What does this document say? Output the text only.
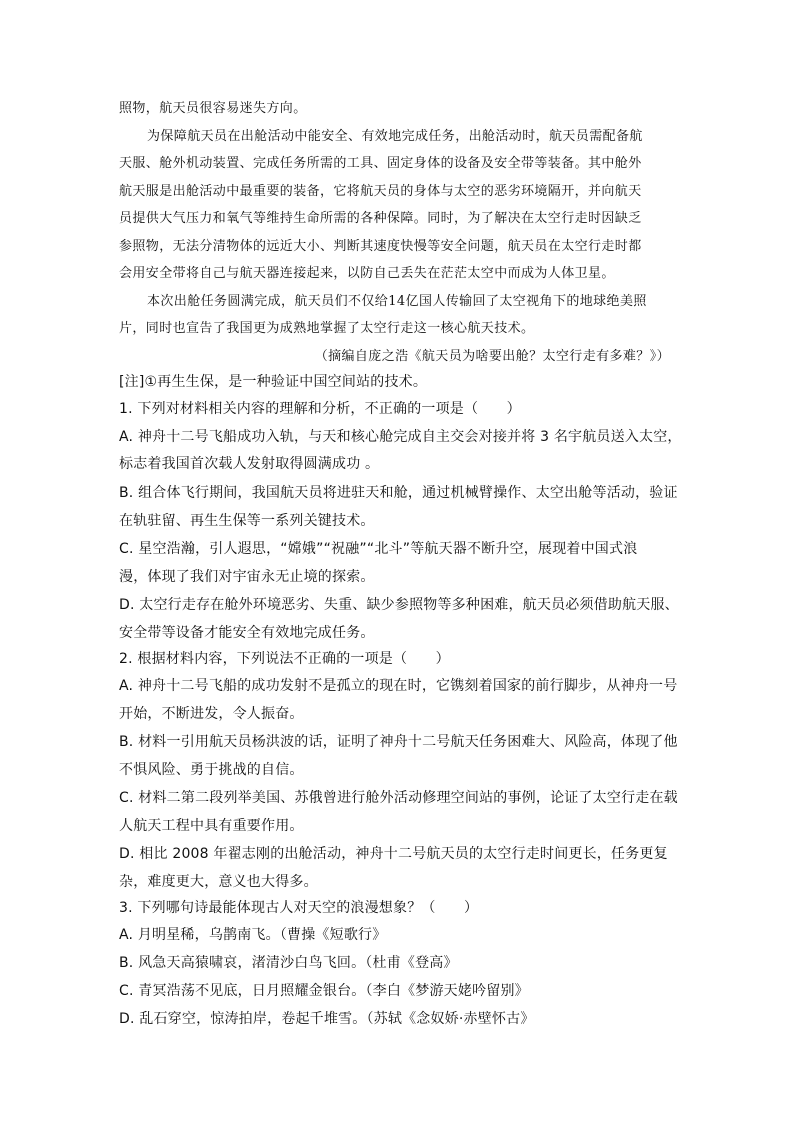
照物，航天员很容易迷失方向。
为保障航天员在出舱活动中能安全、有效地完成任务，出舱活动时，航天员需配备航
天服、舱外机动装置、完成任务所需的工具、固定身体的设备及安全带等装备。其中舱外
航天服是出舱活动中最重要的装备，它将航天员的身体与太空的恶劣环境隔开，并向航天
员提供大气压力和氧气等维持生命所需的各种保障。同时，为了解决在太空行走时因缺乏
参照物，无法分清物体的远近大小、判断其速度快慢等安全问题，航天员在太空行走时都
会用安全带将自己与航天器连接起来，以防自己丢失在茫茫太空中而成为人体卫星。
本次出舱任务圆满完成，航天员们不仅给14亿国人传输回了太空视角下的地球绝美照
片，同时也宣告了我国更为成熟地掌握了太空行走这一核心航天技术。
（摘编自庞之浩《航天员为啥要出舱？太空行走有多难？》）
[注]①再生生保，是一种验证中国空间站的技术。
1. 下列对材料相关内容的理解和分析，不正确的一项是（　　）
A. 神舟十二号飞船成功入轨，与天和核心舱完成自主交会对接并将 3 名宇航员送入太空，
标志着我国首次载人发射取得圆满成功 。
B. 组合体飞行期间，我国航天员将进驻天和舱，通过机械臂操作、太空出舱等活动，验证
在轨驻留、再生生保等一系列关键技术。
C. 星空浩瀚，引人遐思，“嫦娥”“祝融”“北斗”等航天器不断升空，展现着中国式浪
漫，体现了我们对宇宙永无止境的探索。
D. 太空行走存在舱外环境恶劣、失重、缺少参照物等多种困难，航天员必须借助航天服、
安全带等设备才能安全有效地完成任务。
2. 根据材料内容，下列说法不正确的一项是（　　）
A. 神舟十二号飞船的成功发射不是孤立的现在时，它镌刻着国家的前行脚步，从神舟一号
开始，不断进发，令人振奋。
B. 材料一引用航天员杨洪波的话，证明了神舟十二号航天任务困难大、风险高，体现了他
不惧风险、勇于挑战的自信。
C. 材料二第二段列举美国、苏俄曾进行舱外活动修理空间站的事例，论证了太空行走在载
人航天工程中具有重要作用。
D. 相比 2008 年翟志刚的出舱活动，神舟十二号航天员的太空行走时间更长，任务更复
杂，难度更大，意义也大得多。
3. 下列哪句诗最能体现古人对天空的浪漫想象？（　　）
A. 月明星稀，乌鹊南飞。（曹操《短歌行》
B. 风急天高猿啸哀，渚清沙白鸟飞回。（杜甫《登高》
C. 青冥浩荡不见底，日月照耀金银台。（李白《梦游天姥吟留别》
D. 乱石穿空，惊涛拍岸，卷起千堆雪。（苏轼《念奴娇·赤壁怀古》
